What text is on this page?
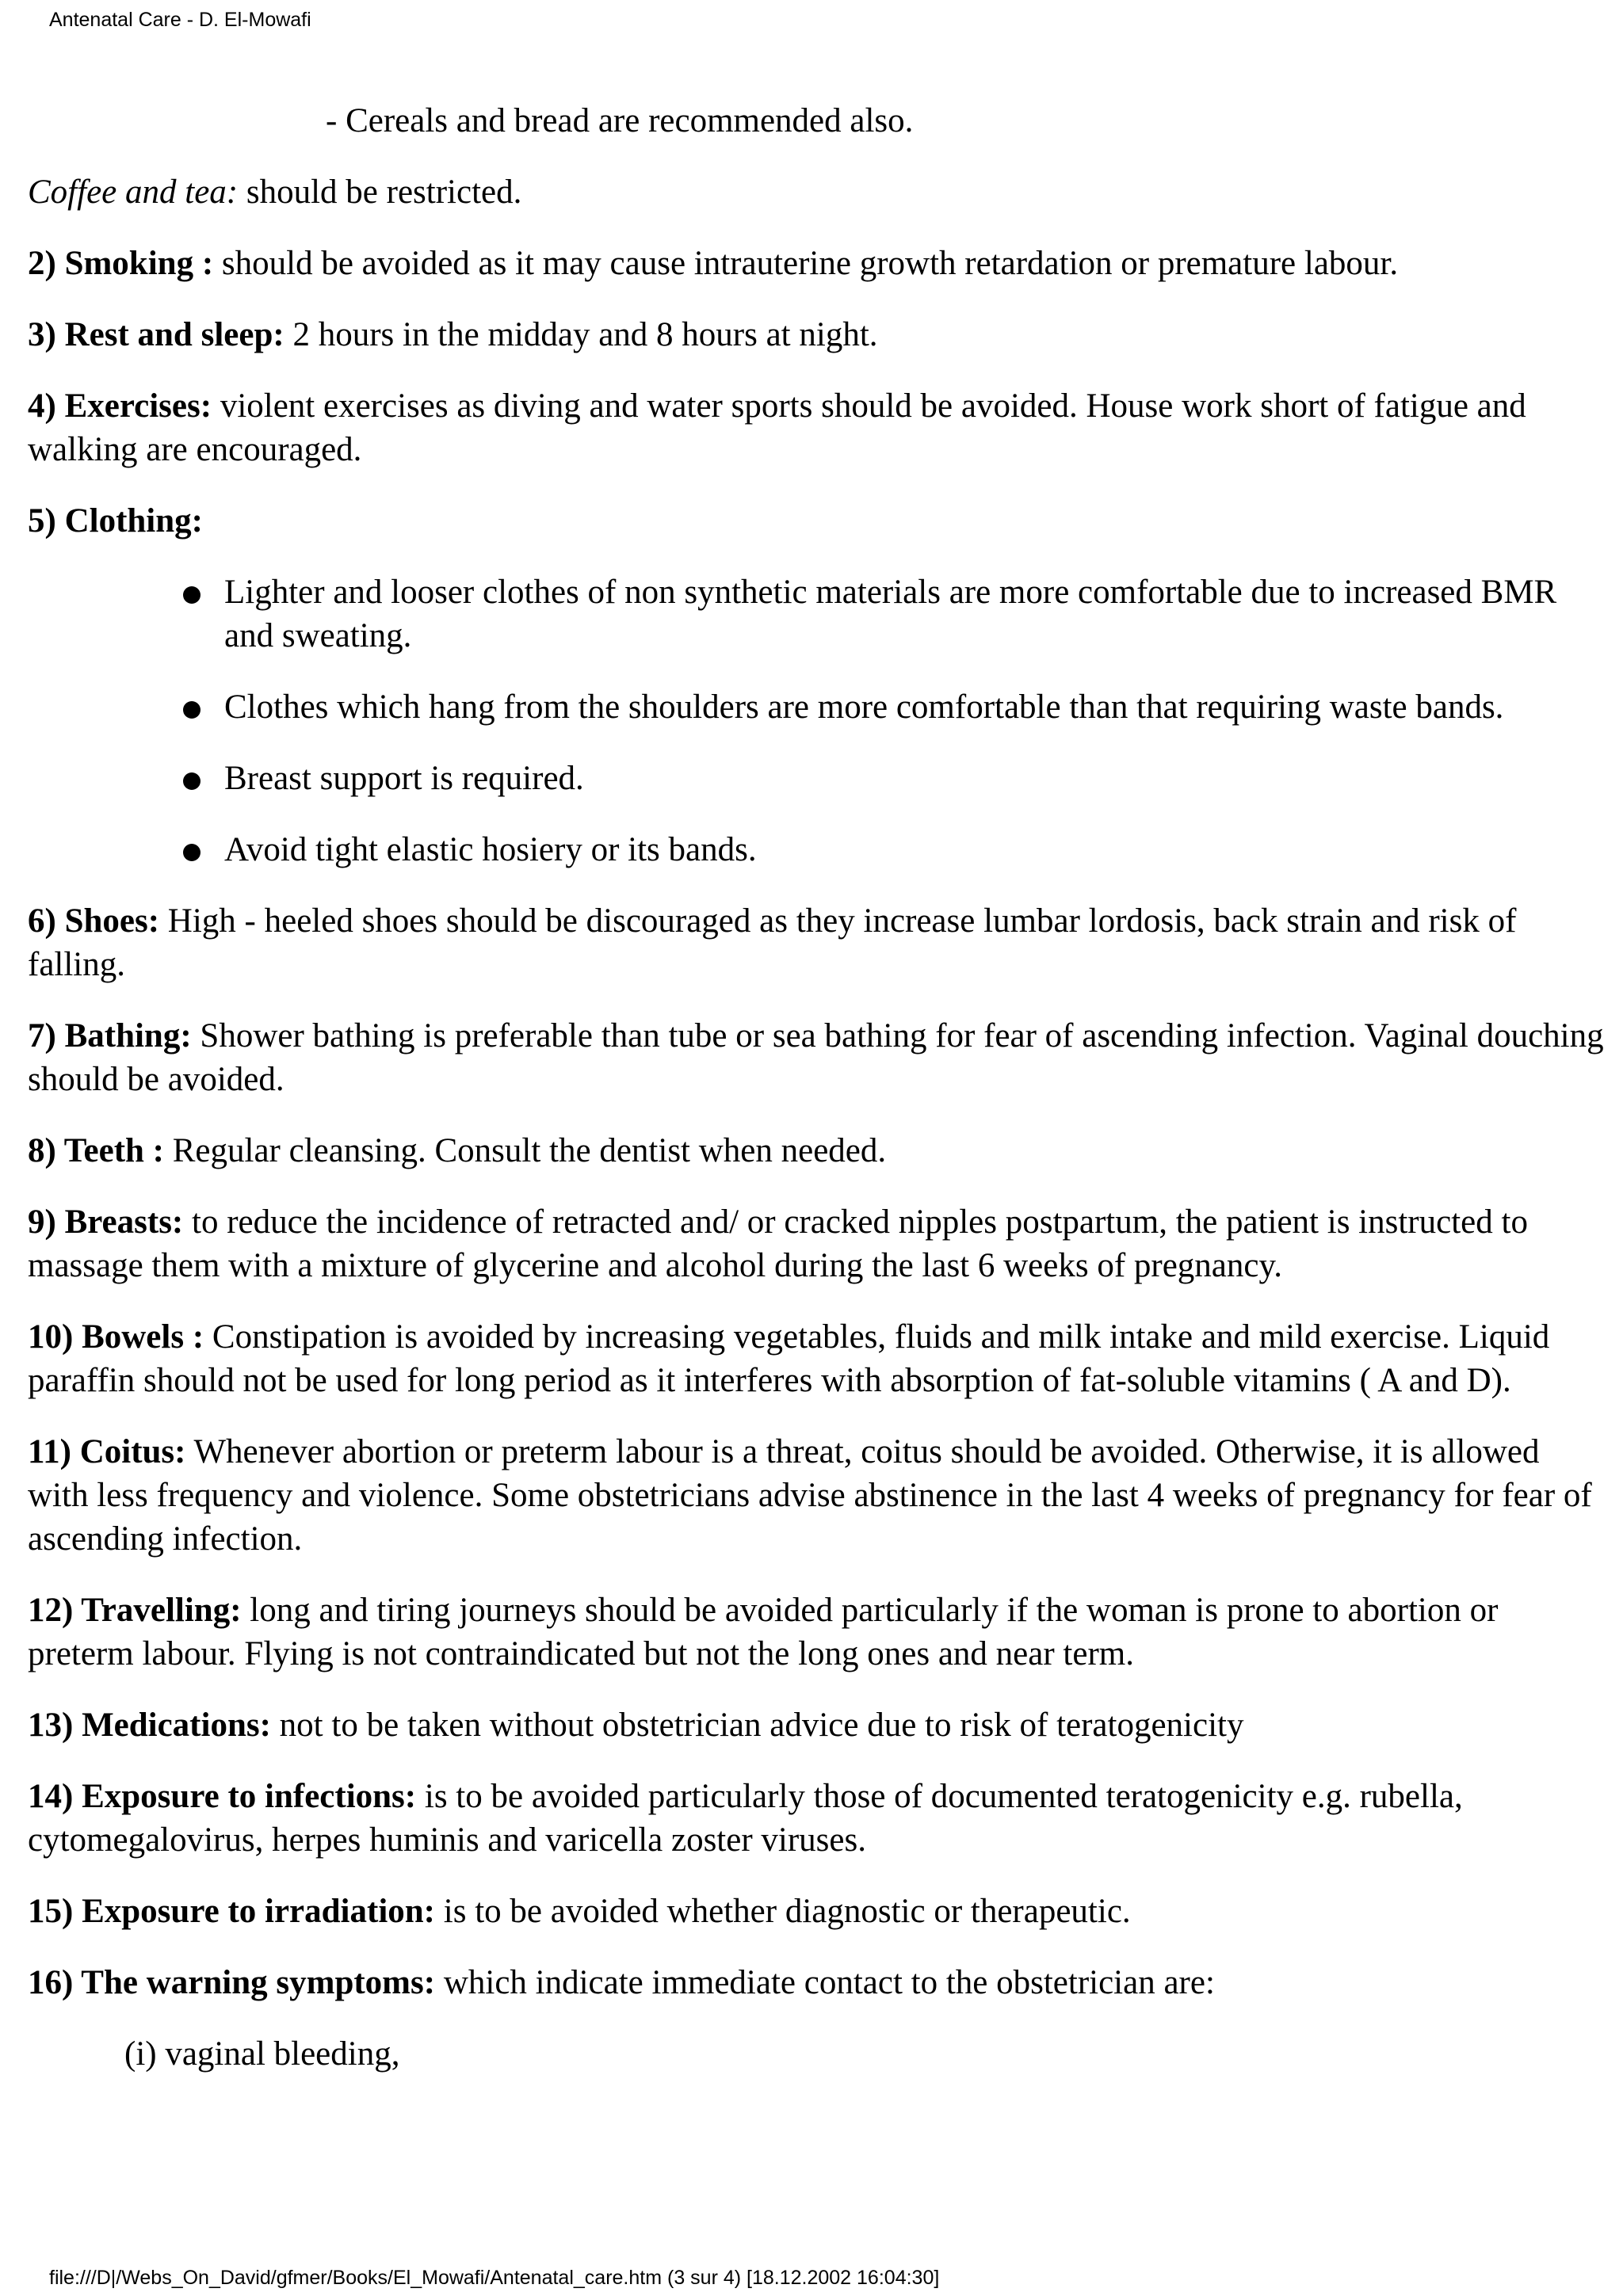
Antenatal Care - D. El-Mowafi

- Cereals and bread are recommended also.

Coffee and tea: should be restricted.

2) Smoking : should be avoided as it may cause intrauterine growth retardation or premature labour.

3) Rest and sleep: 2 hours in the midday and 8 hours at night.

4) Exercises: violent exercises as diving and water sports should be avoided. House work short of fatigue and walking are encouraged.

5) Clothing:

Lighter and looser clothes of non synthetic materials are more comfortable due to increased BMR and sweating.
Clothes which hang from the shoulders are more comfortable than that requiring waste bands.
Breast support is required.
Avoid tight elastic hosiery or its bands.

6) Shoes: High - heeled shoes should be discouraged as they increase lumbar lordosis, back strain and risk of falling.

7) Bathing: Shower bathing is preferable than tube or sea bathing for fear of ascending infection. Vaginal douching should be avoided.

8) Teeth : Regular cleansing. Consult the dentist when needed.

9) Breasts: to reduce the incidence of retracted and/ or cracked nipples postpartum, the patient is instructed to massage them with a mixture of glycerine and alcohol during the last 6 weeks of pregnancy.

10) Bowels : Constipation is avoided by increasing vegetables, fluids and milk intake and mild exercise. Liquid paraffin should not be used for long period as it interferes with absorption of fat-soluble vitamins ( A and D).

11) Coitus: Whenever abortion or preterm labour is a threat, coitus should be avoided. Otherwise, it is allowed with less frequency and violence. Some obstetricians advise abstinence in the last 4 weeks of pregnancy for fear of ascending infection.

12) Travelling: long and tiring journeys should be avoided particularly if the woman is prone to abortion or preterm labour. Flying is not contraindicated but not the long ones and near term.

13) Medications: not to be taken without obstetrician advice due to risk of teratogenicity

14) Exposure to infections: is to be avoided particularly those of documented teratogenicity e.g. rubella, cytomegalovirus, herpes huminis and varicella zoster viruses.

15) Exposure to irradiation: is to be avoided whether diagnostic or therapeutic.

16) The warning symptoms: which indicate immediate contact to the obstetrician are:

(i) vaginal bleeding,

file:///D|/Webs_On_David/gfmer/Books/El_Mowafi/Antenatal_care.htm (3 sur 4) [18.12.2002 16:04:30]
